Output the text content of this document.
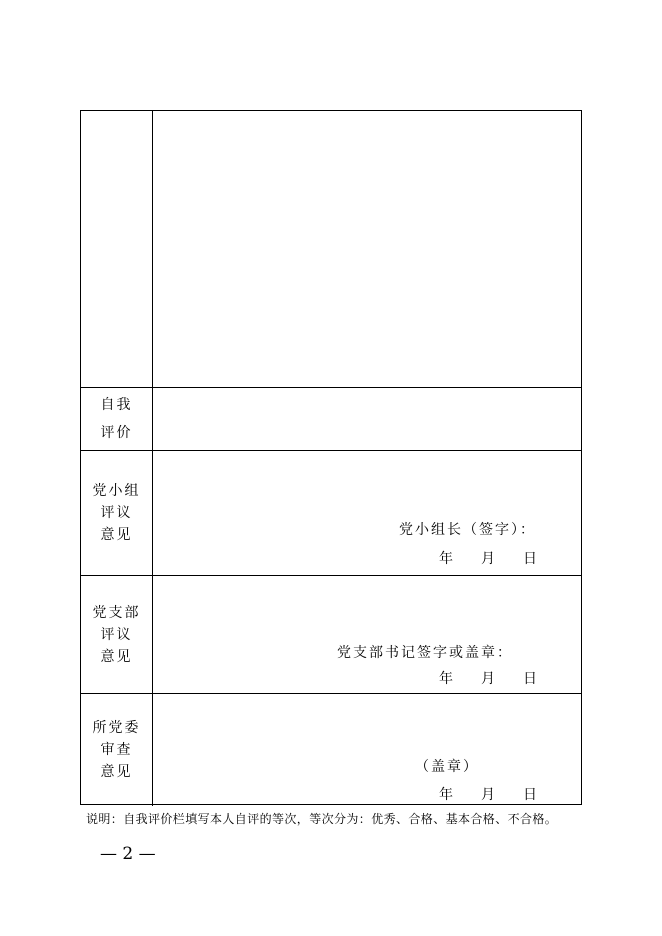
自我
评价
党小组
评议
意见	党小组长（签字）：
年 月 日
党支部
评议
意见	党支部书记签字或盖章：
年 月 日
所党委
审查
意见	（盖章）
年 月 日
说明：自我评价栏填写本人自评的等次，等次分为：优秀、合格、基本合格、不合格。
— 2 —
